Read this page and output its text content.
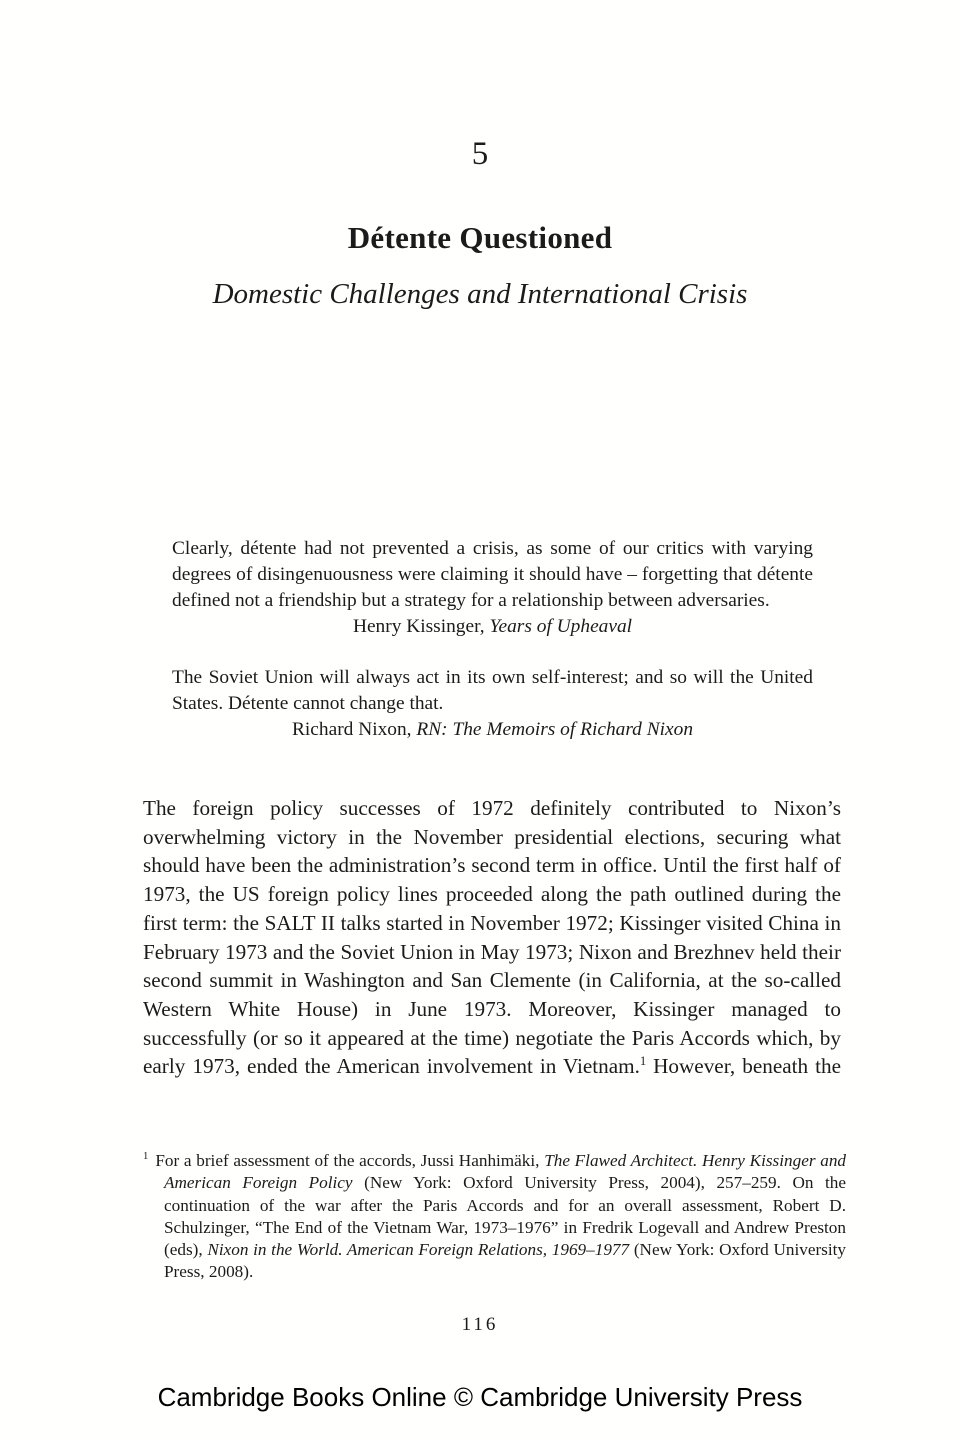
5
Détente Questioned
Domestic Challenges and International Crisis

Clearly, détente had not prevented a crisis, as some of our critics with varying degrees of disingenuousness were claiming it should have – forgetting that détente defined not a friendship but a strategy for a relationship between adversaries.

Henry Kissinger, Years of Upheaval

The Soviet Union will always act in its own self-interest; and so will the United States. Détente cannot change that.

Richard Nixon, RN: The Memoirs of Richard Nixon

The foreign policy successes of 1972 definitely contributed to Nixon’s overwhelming victory in the November presidential elections, securing what should have been the administration’s second term in office. Until the first half of 1973, the US foreign policy lines proceeded along the path outlined during the first term: the SALT II talks started in November 1972; Kissinger visited China in February 1973 and the Soviet Union in May 1973; Nixon and Brezhnev held their second summit in Washington and San Clemente (in California, at the so-called Western White House) in June 1973. Moreover, Kissinger managed to successfully (or so it appeared at the time) negotiate the Paris Accords which, by early 1973, ended the American involvement in Vietnam.$^1$ However, beneath the

$^1$ For a brief assessment of the accords, Jussi Hanhimäki, The Flawed Architect. Henry Kissinger and American Foreign Policy (New York: Oxford University Press, 2004), 257–259. On the continuation of the war after the Paris Accords and for an overall assessment, Robert D. Schulzinger, “The End of the Vietnam War, 1973–1976” in Fredrik Logevall and Andrew Preston (eds), Nixon in the World. American Foreign Relations, 1969–1977 (New York: Oxford University Press, 2008).

116
Cambridge Books Online © Cambridge University Press
